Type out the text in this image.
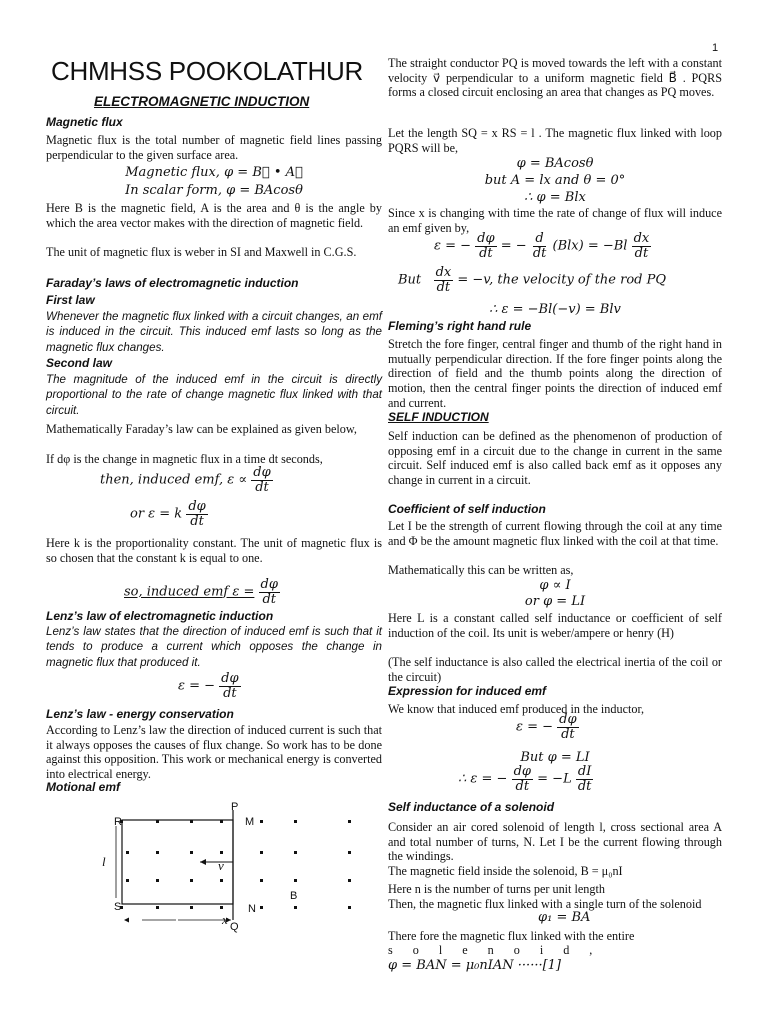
1
CHMHSS POOKOLATHUR
ELECTROMAGNETIC INDUCTION
Magnetic flux
Magnetic flux is the total number of magnetic field lines passing perpendicular to the given surface area.
Magnetic flux, φ = B⃗ • A⃗
In scalar form, φ = BAcosθ
Here B is the magnetic field, A is the area and θ is the angle by which the area vector makes with the direction of magnetic field.
The unit of magnetic flux is weber in SI and Maxwell in C.G.S.
Faraday’s laws of electromagnetic induction
First law
Whenever the magnetic flux linked with a circuit changes, an emf is induced in the circuit. This induced emf lasts so long as the magnetic flux changes.
Second law
The magnitude of the induced emf in the circuit is directly proportional to the rate of change magnetic flux linked with that circuit.
Mathematically Faraday’s law can be explained as given below,
If dφ is the change in magnetic flux in a time dt seconds,
then, induced emf, $\varepsilon \propto \frac{d\varphi}{dt}$
or ε = k $\frac{d\varphi}{dt}$
Here k is the proportionality constant. The unit of magnetic flux is so chosen that the constant k is equal to one.
so, induced emf $\varepsilon = \frac{d\varphi}{dt}$
Lenz’s law of electromagnetic induction
Lenz’s law states that the direction of induced emf is such that it tends to produce a current which opposes the change in magnetic flux that produced it.
ε = − $\frac{d\varphi}{dt}$
Lenz’s law - energy conservation
According to Lenz’s law the direction of induced current is such that it always opposes the causes of flux change. So work has to be done against this opposition. This work or mechanical energy is converted into electrical energy.
Motional emf
R
P
M
S	N
Q
B
l	v
x
The straight conductor PQ is moved towards the left with a constant velocity v⃗ perpendicular to a uniform magnetic field B⃗ . PQRS forms a closed circuit enclosing an area that changes as PQ moves.
Let the length SQ = x RS = l . The magnetic flux linked with loop PQRS will be,
φ = BAcosθ
but A = lx and θ = 0°
∴ φ = Blx
Since x is changing with time the rate of change of flux will induce an emf given by,
ε = − $\frac{d\varphi}{dt}$ = − $\frac{d}{dt} (Blx) = -Bl \frac{dx}{dt}$
But $\frac{dx}{dt} = -v$, the velocity of the rod PQ
∴ ε = −Bl(−v) = Blv
Fleming’s right hand rule
Stretch the fore finger, central finger and thumb of the right hand in mutually perpendicular direction. If the fore finger points along the direction of field and the thumb points along the direction of motion, then the central finger points the direction of induced emf and current.
SELF INDUCTION
Self induction can be defined as the phenomenon of production of opposing emf in a circuit due to the change in current in the same circuit. Self induced emf is also called back emf as it opposes any change in current in a circuit.
Coefficient of self induction
Let I be the strength of current flowing through the coil at any time and Φ be the amount magnetic flux linked with the coil at that time.
Mathematically this can be written as,
φ ∝ I
or φ = LI
Here L is a constant called self inductance or coefficient of self induction of the coil. Its unit is weber/ampere or henry (H)
(The self inductance is also called the electrical inertia of the coil or the circuit)
Expression for induced emf
We know that induced emf produced in the inductor,
ε = − $\frac{d\varphi}{dt}$
But φ = LI
∴ ε = − $\frac{d\varphi}{dt} = -L \frac{dI}{dt}$
Self inductance of a solenoid
Consider an air cored solenoid of length l, cross sectional area A and total number of turns, N. Let I be the current flowing through the windings.
The magnetic field inside the solenoid, B = μ₀nI
Here n is the number of turns per unit length
Then, the magnetic flux linked with a single turn of the solenoid
φ₁ = BA
There fore the magnetic flux linked with the entire
solenoid,
φ = BAN = μ₀nIAN ······[1]
